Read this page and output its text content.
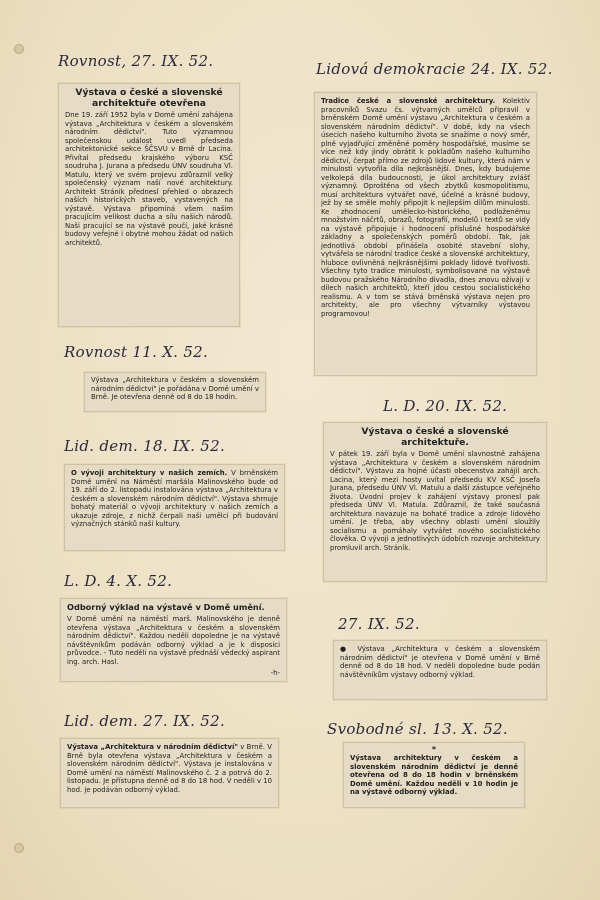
Rovnost, 27. IX. 52.	Lidová demokracie 24. IX. 52.
Rovnost 11. X. 52.
L. D. 20. IX. 52.
Lid. dem. 18. IX. 52.
L. D. 4. X. 52.
27. IX. 52.
Lid. dem. 27. IX. 52.	Svobodné sl. 13. X. 52.
Výstava o české a slovenské architektuře otevřena
Dne 19. září 1952 byla v Domě umění zahájena výstava „Architektura v českém a slovenském národním dědictví". Tuto významnou společenskou událost uvedl předseda architektonické sekce ŠČSVU v Brně dr Lacina. Přivítal předsedu krajského výboru KSČ soudruha J. Jurana a předsedu ÚNV soudruha Vl. Matulu, který ve svém projevu zdůraznil velký společenský význam naší nové architektury. Architekt Stránik přednesl přehled o obrazech naších historických staveb, vystavených na výstavě. Výstava připomíná všem našim pracujícím velikost ducha a sílu našich národů. Naši pracující se na výstavě poučí, jaké krásné budovy veřejné i obytné mohou žádat od našich architektů.
Tradice české a slovenské architektury. Kolektiv pracovníků Svazu čs. výtvarných umělců připravil v brněnském Domě umění výstavu „Architektura v českém a slovenském národním dědictví". V době, kdy na všech úsecích našeho kulturního života se snažíme o nový směr, plně vyjadřující změněné poměry hospodářské, musíme se více než kdy jindy obrátit k pokladům našeho kulturního dědictví, čerpat přímo ze zdrojů lidové kultury, která nám v minulosti vytvořila díla nejkrásnější. Dnes, kdy budujeme velkolepá díla budoucnosti, je úkol architektury zvlášť významný. Oproštěna od všech zbytků kosmopolitismu, musí architektura vytvářet nové, účelné a krásné budovy, jež by se směle mohly připojit k nejlepším dílům minulosti. Ke zhodnocení umělecko-historického, podloženému množstvím náčrtů, obrazů, fotografií, modelů i textů se vidy na výstavě připojuje i hodnocení příslušné hospodářské základny a společenských poměrů období. Tak, jak jednotlivá období přinášela osobité stavební slohy, vytvářela se národní tradice české a slovenské architektury, hluboce ovlivněná nejkrásnějšími poklady lidové tvořivosti. Všechny tyto tradice minulosti, symbolisované na výstavě budovou pražského Národního divadla, dnes znovu ožívají v dílech našich architektů, kteří jdou cestou socialistického realismu. A v tom se stává brněnská výstava nejen pro architekty, ale pro všechny výtvarníky výstavou programovou!
Výstava „Architektura v českém a slovenském národním dědictví" je pořádána v Domě umění v Brně. Je otevřena denně od 8 do 18 hodin.
Výstava o české a slovenské architektuře.
V pátek 19. září byla v Domě umění slavnostně zahájena výstava „Architektura v českém a slovenském národním dědictví". Výstavu za hojné účasti obecenstva zahájil arch. Lacina, který mezi hosty uvítal předsedu KV KSČ Josefa Jurana, předsedu ÚNV Vl. Matulu a další zástupce veřejného života. Úvodní projev k zahájení výstavy pronesl pak předseda ÚNV Vl. Matula. Zdůraznil, že také současná architektura navazuje na bohaté tradice a zdroje lidového umění. Je třeba, aby všechny oblasti umění sloužily socialismu a pomáhaly vytvářet nového socialistického člověka. O vývoji a jednotlivých údobích rozvoje architektury promluvil arch. Stráník.
O vývoji architektury v našich zemích. V brněnském Domě umění na Náměstí maršála Malinovského bude od 19. září do 2. listopadu instalována výstava „Architektura v českém a slovenském národním dědictví". Výstava shrnuje bohatý materiál o vývoji architektury v našich zemích a ukazuje zdroje, z nichž čerpali naši umělci při budování význačných stánků naší kultury.
Odborný výklad na výstavě v Domě umění.
V Domě umění na náměstí marš. Malinovského je denně otevřena výstava „Architektura v českém a slovenském národním dědictví". Každou neděli dopoledne je na výstavě návštěvníkům podáván odborný výklad a je k disposici průvodce. - Tuto neděli na výstavě přednáší vědecký aspirant ing. arch. Hasl.
-h-
● Výstava „Architektura v českém a slovenském národním dědictví" je otevřena v Domě umění v Brně denně od 8 do 18 hod. V neděli dopoledne bude podán návštěvníkům výstavy odborný výklad.
Výstava „Architektura v národním dědictví" v Brně. V Brně byla otevřena výstava „Architektura v českém a slovenském národním dědictví". Výstava je instalována v Domě umění na náměstí Malinovského č. 2 a potrvá do 2. listopadu. Je přístupna denně od 8 do 18 hod. V neděli v 10 hod. je podáván odborný výklad.
*
Výstava architektury v českém a slovenském národním dědictví je denně otevřena od 8 do 18 hodin v brněnském Domě umění. Každou neděli v 10 hodin je na výstavě odborný výklad.
